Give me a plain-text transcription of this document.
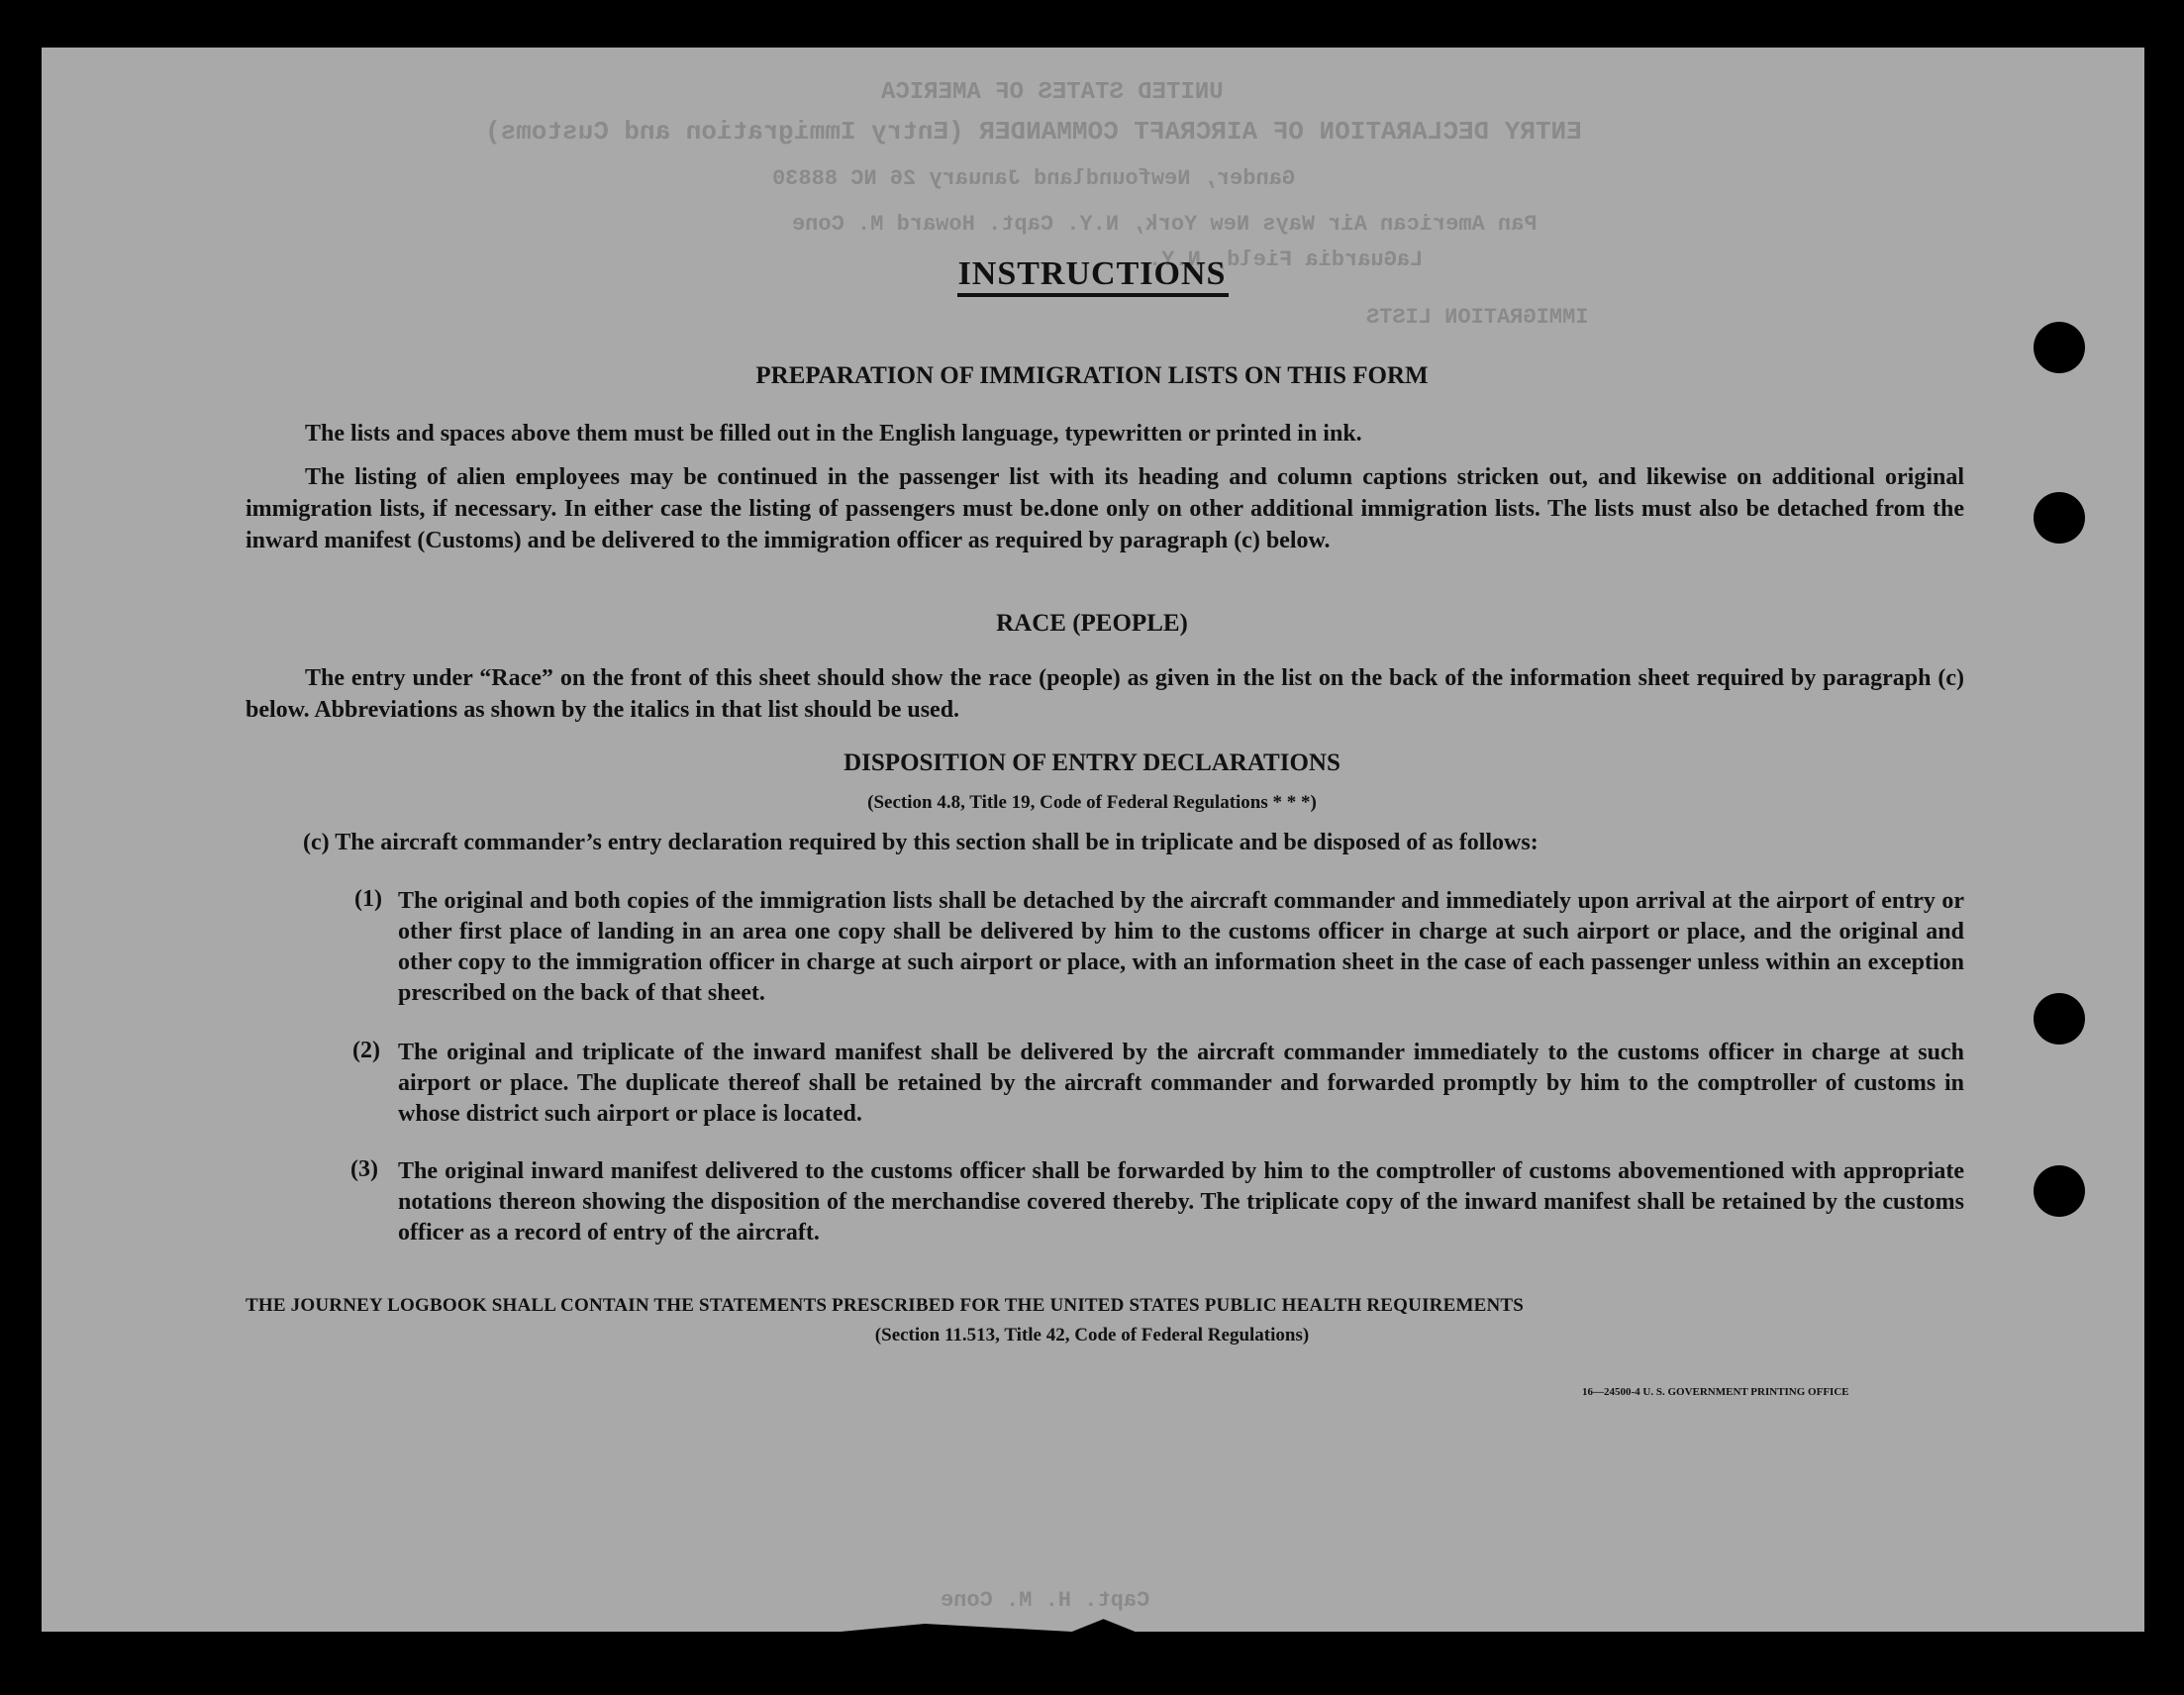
UNITED STATES OF AMERICA
ENTRY DECLARATION OF AIRCRAFT COMMANDER (Entry Immigration and Customs)
Gander, Newfoundland January 26 NC 88830
Pan American Air Ways New York, N.Y. Capt. Howard M. Cone
LaGuardia Field, N.Y.
IMMIGRATION LISTS
Capt. H. M. Cone
INSTRUCTIONS
PREPARATION OF IMMIGRATION LISTS ON THIS FORM
The lists and spaces above them must be filled out in the English language, typewritten or printed in ink.
The listing of alien employees may be continued in the passenger list with its heading and column captions stricken out, and likewise on additional original immigration lists, if necessary. In either case the listing of passengers must be.done only on other additional immigration lists. The lists must also be detached from the inward manifest (Customs) and be delivered to the immigration officer as required by paragraph (c) below.
RACE (PEOPLE)
The entry under “Race” on the front of this sheet should show the race (people) as given in the list on the back of the information sheet required by paragraph (c) below. Abbreviations as shown by the italics in that list should be used.
DISPOSITION OF ENTRY DECLARATIONS
(Section 4.8, Title 19, Code of Federal Regulations * * *)
(c) The aircraft commander’s entry declaration required by this section shall be in triplicate and be disposed of as follows:
(1) The original and both copies of the immigration lists shall be detached by the aircraft commander and immediately upon arrival at the airport of entry or other first place of landing in an area one copy shall be delivered by him to the customs officer in charge at such airport or place, and the original and other copy to the immigration officer in charge at such airport or place, with an information sheet in the case of each passenger unless within an exception prescribed on the back of that sheet.
(2) The original and triplicate of the inward manifest shall be delivered by the aircraft commander immediately to the customs officer in charge at such airport or place. The duplicate thereof shall be retained by the aircraft commander and forwarded promptly by him to the comptroller of customs in whose district such airport or place is located.
(3) The original inward manifest delivered to the customs officer shall be forwarded by him to the comptroller of customs abovementioned with appropriate notations thereon showing the disposition of the merchandise covered thereby. The triplicate copy of the inward manifest shall be retained by the customs officer as a record of entry of the aircraft.
THE JOURNEY LOGBOOK SHALL CONTAIN THE STATEMENTS PRESCRIBED FOR THE UNITED STATES PUBLIC HEALTH REQUIREMENTS
(Section 11.513, Title 42, Code of Federal Regulations)
16—24500-4 U. S. GOVERNMENT PRINTING OFFICE
